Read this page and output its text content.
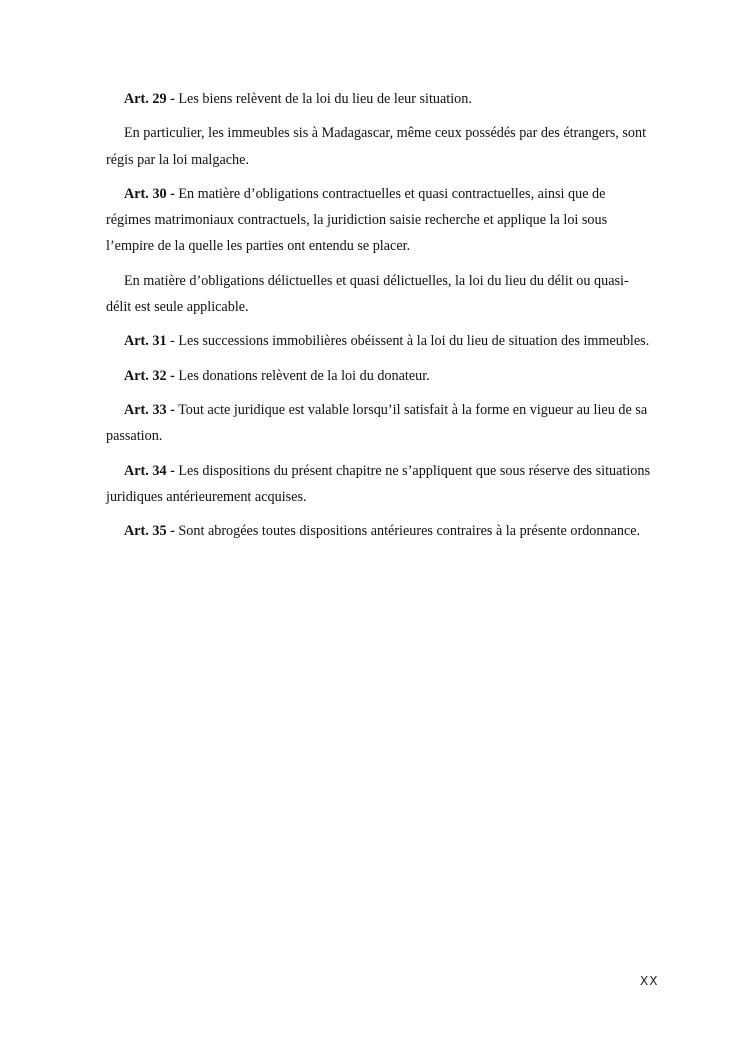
Art. 29 - Les biens relèvent de la loi du lieu de leur situation.

En particulier, les immeubles sis à Madagascar, même ceux possédés par des étrangers, sont régis par la loi malgache.

Art. 30 - En matière d’obligations contractuelles et quasi contractuelles, ainsi que de régimes matrimoniaux contractuels, la juridiction saisie recherche et applique la loi sous l’empire de la quelle les parties ont entendu se placer.

En matière d’obligations délictuelles et quasi délictuelles, la loi du lieu du délit ou quasi- délit est seule applicable.

Art. 31 - Les successions immobilières obéissent à la loi du lieu de situation des immeubles.

Art. 32 - Les donations relèvent de la loi du donateur.

Art. 33 - Tout acte juridique est valable lorsqu’il satisfait à la forme en vigueur au lieu de sa passation.

Art. 34 - Les dispositions du présent chapitre ne s’appliquent que sous réserve des situations juridiques antérieurement acquises.

Art. 35 - Sont abrogées toutes dispositions antérieures contraires à la présente ordonnance.

XX
